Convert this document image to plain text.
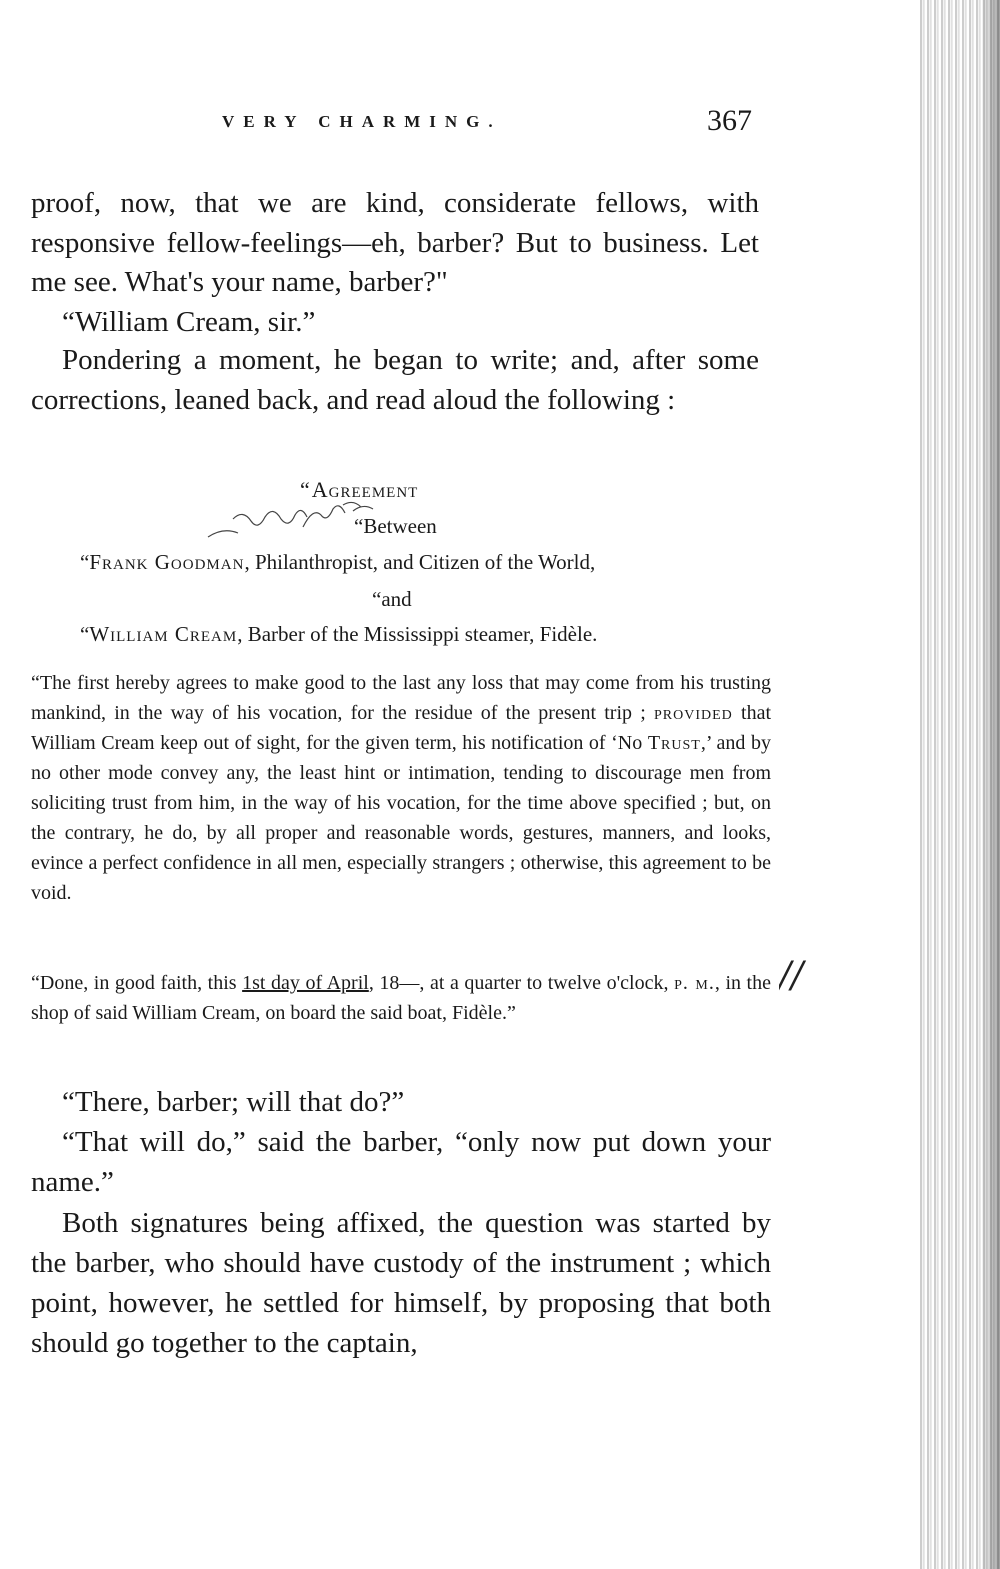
VERY CHARMING.	367

proof, now, that we are kind, considerate fellows, with responsive fellow-feelings—eh, barber? But to business. Let me see. What's your name, barber?"

“William Cream, sir.”

Pondering a moment, he began to write; and, after some corrections, leaned back, and read aloud the following :

“Agreement
“Between
“Frank Goodman, Philanthropist, and Citizen of the World,
“and
“William Cream, Barber of the Mississippi steamer, Fidèle.
“The first hereby agrees to make good to the last any loss that may come from his trusting mankind, in the way of his vocation, for the residue of the present trip ; provided that William Cream keep out of sight, for the given term, his notification of ‘No Trust,’ and by no other mode convey any, the least hint or intimation, tending to discourage men from soliciting trust from him, in the way of his vocation, for the time above specified ; but, on the contrary, he do, by all proper and reasonable words, gestures, manners, and looks, evince a perfect confidence in all men, especially strangers ; otherwise, this agreement to be void.
“Done, in good faith, this 1st day of April, 18—, at a quarter to twelve o'clock, p. m., in the shop of said William Cream, on board the said boat, Fidèle.”
//

“There, barber; will that do?”

“That will do,” said the barber, “only now put down your name.”

Both signatures being affixed, the question was started by the barber, who should have custody of the instrument ; which point, however, he settled for himself, by proposing that both should go together to the captain,
